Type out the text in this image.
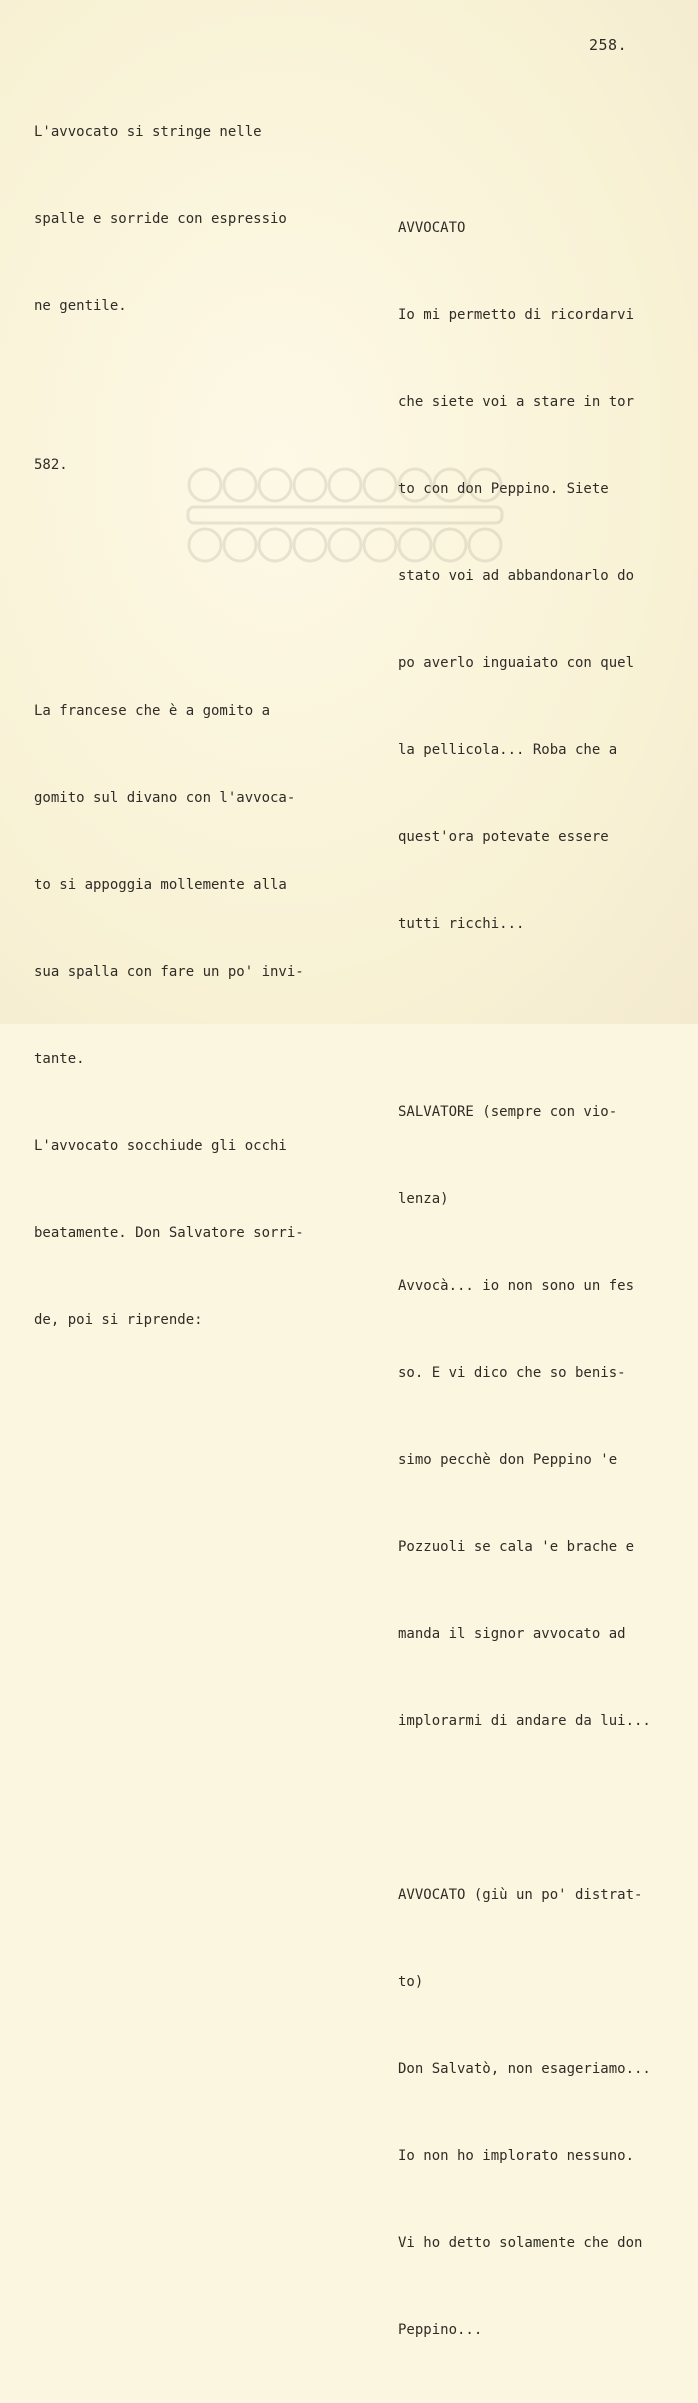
258.

L'avvocato si stringe nelle

spalle e sorride con espressio

ne gentile.

582.

La francese che è a gomito a

gomito sul divano con l'avvoca-

to si appoggia mollemente alla

sua spalla con fare un po' invi-

tante.

L'avvocato socchiude gli occhi

beatamente. Don Salvatore sorri-

de, poi si riprende:

AVVOCATO

Io mi permetto di ricordarvi

che siete voi a stare in tor

to con don Peppino. Siete

stato voi ad abbandonarlo do

po averlo inguaiato con quel

la pellicola... Roba che a

quest'ora potevate essere

tutti ricchi...

SALVATORE (sempre con vio-

lenza)

Avvocà... io non sono un fes

so. E vi dico che so benis-

simo pecchè don Peppino 'e

Pozzuoli se cala 'e brache e

manda il signor avvocato ad

implorarmi di andare da lui...

AVVOCATO (giù un po' distrat-

to)

Don Salvatò, non esageriamo...

Io non ho implorato nessuno.

Vi ho detto solamente che don

Peppino...
